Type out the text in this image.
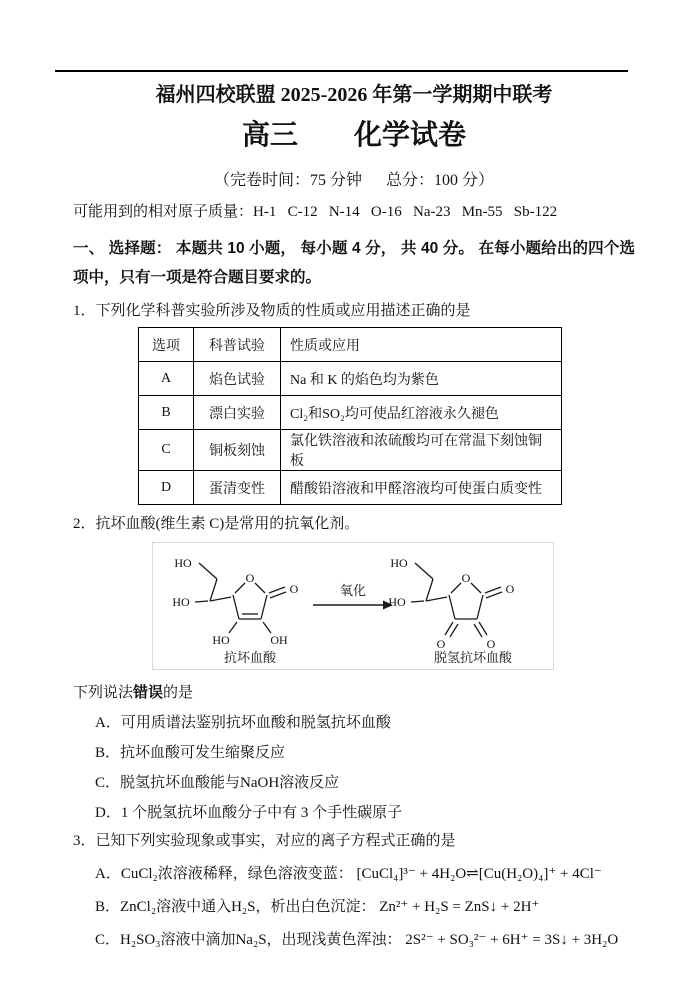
福州四校联盟 2025-2026 年第一学期期中联考
高三　　化学试卷
（完卷时间：75 分钟　  总分：100 分）
可能用到的相对原子质量：H-1   C-12   N-14   O-16   Na-23   Mn-55   Sb-122
一、 选择题： 本题共 10 小题， 每小题 4 分， 共 40 分。 在每小题给出的四个选项中，只有一项是符合题目要求的。
1．下列化学科普实验所涉及物质的性质或应用描述正确的是
选项	科普试验	性质或应用
A	焰色试验	Na 和 K 的焰色均为紫色
B	漂白实验	Cl₂和SO₂均可使品红溶液永久褪色
C	铜板刻蚀	氯化铁溶液和浓硫酸均可在常温下刻蚀铜板
D	蛋清变性	醋酸铅溶液和甲醛溶液均可使蛋白质变性
2．抗坏血酸(维生素 C)是常用的抗氧化剂。
HO
HO
O
O
HO	OH
抗坏血酸
氧化
HO
HO
O
O
O	O
脱氢抗坏血酸
下列说法错误的是
A．可用质谱法鉴别抗坏血酸和脱氢抗坏血酸
B．抗坏血酸可发生缩聚反应
C．脱氢抗坏血酸能与NaOH溶液反应
D．1 个脱氢抗坏血酸分子中有 3 个手性碳原子
3．已知下列实验现象或事实，对应的离子方程式正确的是
A．CuCl₂浓溶液稀释，绿色溶液变蓝： [CuCl₄]³⁻ + 4H₂O⇌[Cu(H₂O)₄]⁺ + 4Cl⁻
B．ZnCl₂溶液中通入H₂S，析出白色沉淀： Zn²⁺ + H₂S = ZnS↓ + 2H⁺
C．H₂SO₃溶液中滴加Na₂S，出现浅黄色浑浊： 2S²⁻ + SO₃²⁻ + 6H⁺ = 3S↓ + 3H₂O
